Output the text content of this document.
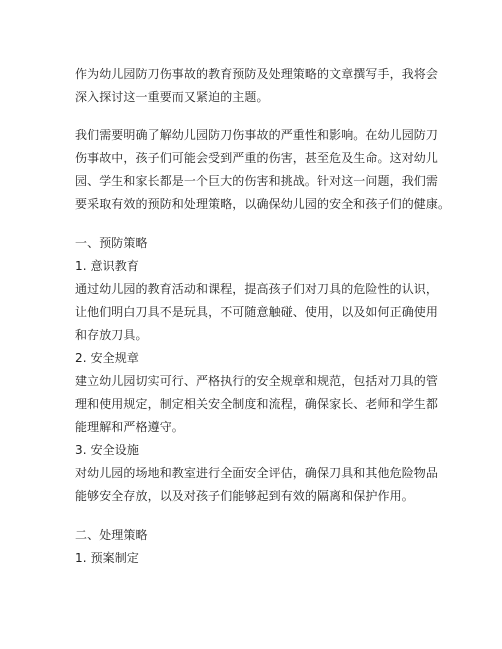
作为幼儿园防刀伤事故的教育预防及处理策略的文章撰写手，我将会
深入探讨这一重要而又紧迫的主题。
我们需要明确了解幼儿园防刀伤事故的严重性和影响。在幼儿园防刀
伤事故中，孩子们可能会受到严重的伤害，甚至危及生命。这对幼儿
园、学生和家长都是一个巨大的伤害和挑战。针对这一问题，我们需
要采取有效的预防和处理策略，以确保幼儿园的安全和孩子们的健康。
一、预防策略
1. 意识教育
通过幼儿园的教育活动和课程，提高孩子们对刀具的危险性的认识，
让他们明白刀具不是玩具，不可随意触碰、使用，以及如何正确使用
和存放刀具。
2. 安全规章
建立幼儿园切实可行、严格执行的安全规章和规范，包括对刀具的管
理和使用规定，制定相关安全制度和流程，确保家长、老师和学生都
能理解和严格遵守。
3. 安全设施
对幼儿园的场地和教室进行全面安全评估，确保刀具和其他危险物品
能够安全存放，以及对孩子们能够起到有效的隔离和保护作用。
二、处理策略
1. 预案制定
